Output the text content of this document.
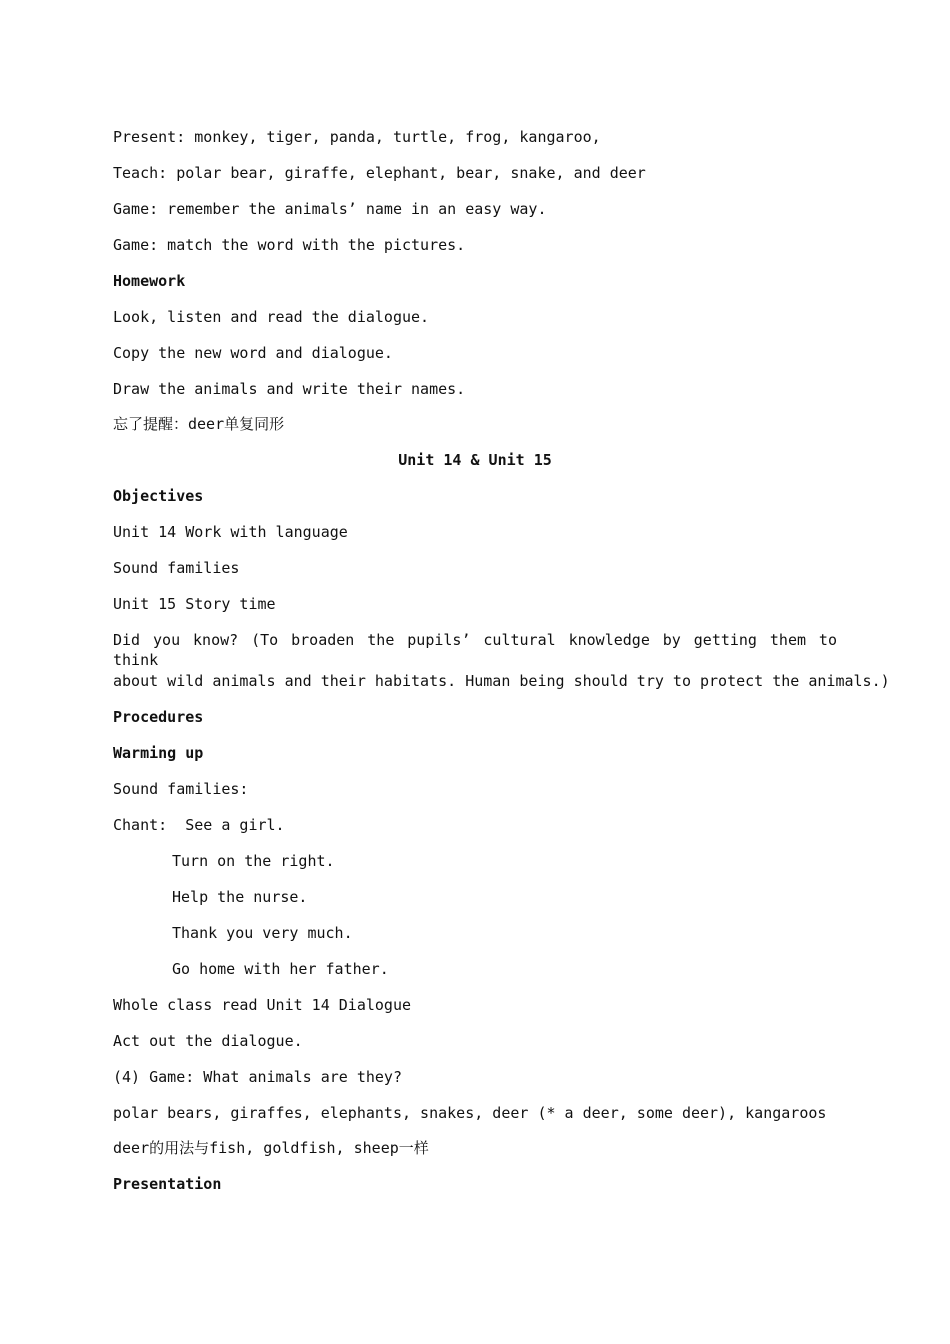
Present: monkey, tiger, panda, turtle, frog, kangaroo,
Teach: polar bear, giraffe, elephant, bear, snake, and deer
Game: remember the animals’ name in an easy way.
Game: match the word with the pictures.
Homework
Look, listen and read the dialogue.
Copy the new word and dialogue.
Draw the animals and write their names.
忘了提醒：deer单复同形
Unit 14 & Unit 15
Objectives
Unit 14 Work with language
Sound families
Unit 15 Story time
Did you know? (To broaden the pupils’ cultural knowledge by getting them to think
about wild animals and their habitats. Human being should try to protect the animals.)
Procedures
Warming up
Sound families:
Chant:  See a girl.
Turn on the right.
Help the nurse.
Thank you very much.
Go home with her father.
Whole class read Unit 14 Dialogue
Act out the dialogue.
(4) Game: What animals are they?
polar bears, giraffes, elephants, snakes, deer (* a deer, some deer), kangaroos
deer的用法与fish, goldfish, sheep一样
Presentation
